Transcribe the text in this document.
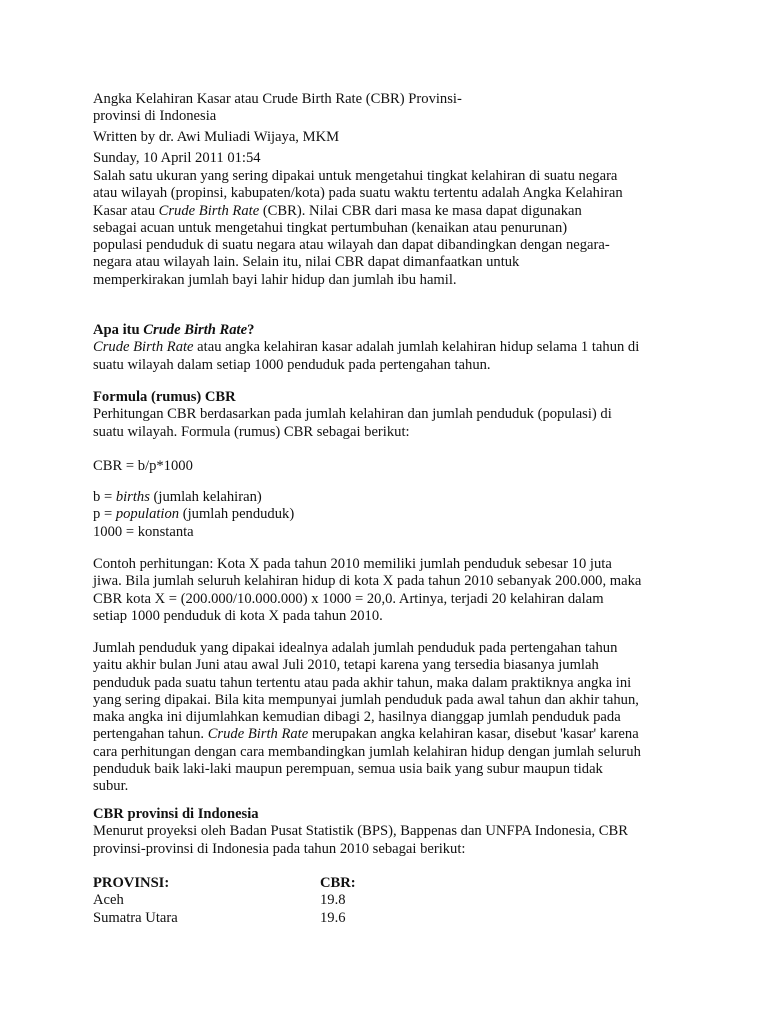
Angka Kelahiran Kasar atau Crude Birth Rate (CBR) Provinsi-
provinsi di Indonesia
Written by dr. Awi Muliadi Wijaya, MKM
Sunday, 10 April 2011 01:54
Salah satu ukuran yang sering dipakai untuk mengetahui tingkat kelahiran di suatu negara
atau wilayah (propinsi, kabupaten/kota) pada suatu waktu tertentu adalah Angka Kelahiran
Kasar atau Crude Birth Rate (CBR). Nilai CBR dari masa ke masa dapat digunakan
sebagai acuan untuk mengetahui tingkat pertumbuhan (kenaikan atau penurunan)
populasi penduduk di suatu negara atau wilayah dan dapat dibandingkan dengan negara-
negara atau wilayah lain. Selain itu, nilai CBR dapat dimanfaatkan untuk
memperkirakan jumlah bayi lahir hidup dan jumlah ibu hamil.
Apa itu Crude Birth Rate?
Crude Birth Rate atau angka kelahiran kasar adalah jumlah kelahiran hidup selama 1 tahun di
suatu wilayah dalam setiap 1000 penduduk pada pertengahan tahun.
Formula (rumus) CBR
Perhitungan CBR berdasarkan pada jumlah kelahiran dan jumlah penduduk (populasi) di
suatu wilayah. Formula (rumus) CBR sebagai berikut:
CBR = b/p*1000
b = births (jumlah kelahiran)
p = population (jumlah penduduk)
1000 = konstanta
Contoh perhitungan: Kota X pada tahun 2010 memiliki jumlah penduduk sebesar 10 juta
jiwa. Bila jumlah seluruh kelahiran hidup di kota X pada tahun 2010 sebanyak 200.000, maka
CBR kota X = (200.000/10.000.000) x 1000 = 20,0. Artinya, terjadi 20 kelahiran dalam
setiap 1000 penduduk di kota X pada tahun 2010.
Jumlah penduduk yang dipakai idealnya adalah jumlah penduduk pada pertengahan tahun
yaitu akhir bulan Juni atau awal Juli 2010, tetapi karena yang tersedia biasanya jumlah
penduduk pada suatu tahun tertentu atau pada akhir tahun, maka dalam praktiknya angka ini
yang sering dipakai. Bila kita mempunyai jumlah penduduk pada awal tahun dan akhir tahun,
maka angka ini dijumlahkan kemudian dibagi 2, hasilnya dianggap jumlah penduduk pada
pertengahan tahun. Crude Birth Rate merupakan angka kelahiran kasar, disebut 'kasar' karena
cara perhitungan dengan cara membandingkan jumlah kelahiran hidup dengan jumlah seluruh
penduduk baik laki-laki maupun perempuan, semua usia baik yang subur maupun tidak
subur.
CBR provinsi di Indonesia
Menurut proyeksi oleh Badan Pusat Statistik (BPS), Bappenas dan UNFPA Indonesia, CBR
provinsi-provinsi di Indonesia pada tahun 2010 sebagai berikut:
PROVINSI:	CBR:
Aceh	19.8
Sumatra Utara	19.6
